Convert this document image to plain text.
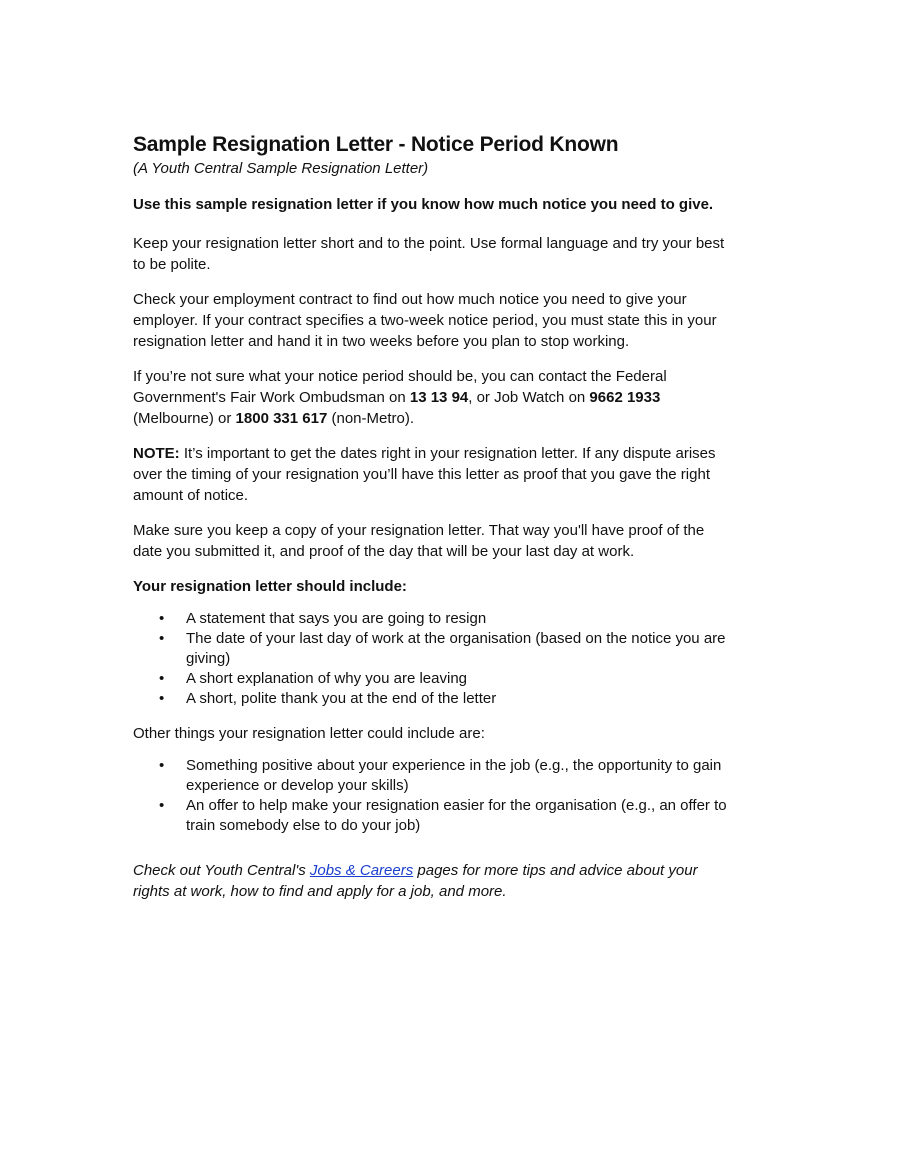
Sample Resignation Letter - Notice Period Known

(A Youth Central Sample Resignation Letter)

Use this sample resignation letter if you know how much notice you need to give.

Keep your resignation letter short and to the point. Use formal language and try your best to be polite.

Check your employment contract to find out how much notice you need to give your employer. If your contract specifies a two-week notice period, you must state this in your resignation letter and hand it in two weeks before you plan to stop working.

If you’re not sure what your notice period should be, you can contact the Federal Government's Fair Work Ombudsman on 13 13 94, or Job Watch on 9662 1933 (Melbourne) or 1800 331 617 (non-Metro).

NOTE: It’s important to get the dates right in your resignation letter. If any dispute arises over the timing of your resignation you’ll have this letter as proof that you gave the right amount of notice.

Make sure you keep a copy of your resignation letter. That way you'll have proof of the date you submitted it, and proof of the day that will be your last day at work.

Your resignation letter should include:

• A statement that says you are going to resign
• The date of your last day of work at the organisation (based on the notice you are giving)
• A short explanation of why you are leaving
• A short, polite thank you at the end of the letter

Other things your resignation letter could include are:

• Something positive about your experience in the job (e.g., the opportunity to gain experience or develop your skills)
• An offer to help make your resignation easier for the organisation (e.g., an offer to train somebody else to do your job)

Check out Youth Central's Jobs & Careers pages for more tips and advice about your rights at work, how to find and apply for a job, and more.
